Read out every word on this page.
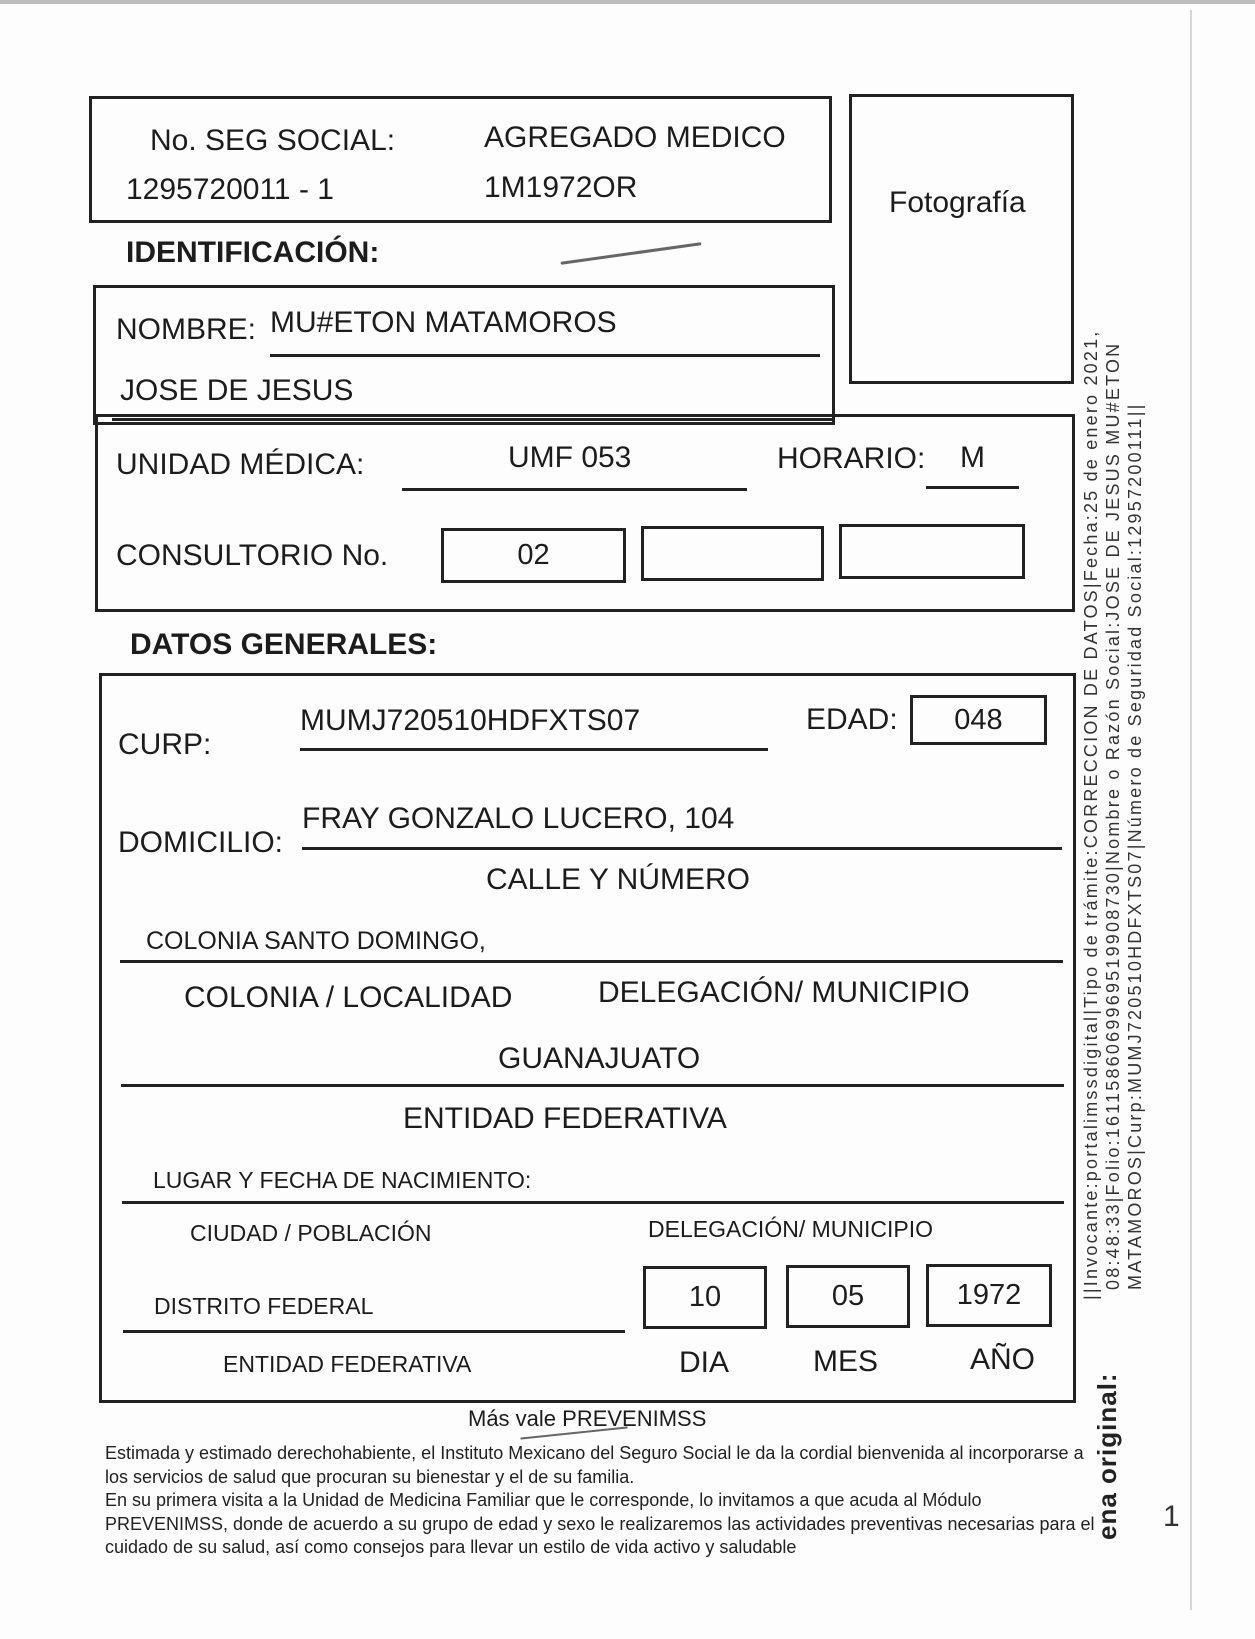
No. SEG SOCIAL:
1295720011 - 1
AGREGADO MEDICO
1M1972OR	Fotografía
IDENTIFICACIÓN:
NOMBRE: MU#ETON MATAMOROS
JOSE DE JESUS
UNIDAD MÉDICA:	UMF 053	HORARIO: M
CONSULTORIO No.	02
DATOS GENERALES:
CURP:
MUMJ720510HDFXTS07	EDAD:	048
DOMICILIO:
FRAY GONZALO LUCERO, 104
CALLE Y NÚMERO
COLONIA SANTO DOMINGO,
COLONIA / LOCALIDAD	DELEGACIÓN/ MUNICIPIO
GUANAJUATO
ENTIDAD FEDERATIVA
LUGAR Y FECHA DE NACIMIENTO:
CIUDAD / POBLACIÓN	DELEGACIÓN/ MUNICIPIO
DISTRITO FEDERAL
ENTIDAD FEDERATIVA
10	05	1972
DIA	MES	AÑO
Más vale PREVENIMSS

Estimada y estimado derechohabiente, el Instituto Mexicano del Seguro Social le da la cordial bienvenida al incorporarse a los servicios de salud que procuran su bienestar y el de su familia.

En su primera visita a la Unidad de Medicina Familiar que le corresponde, lo invitamos a que acuda al Módulo PREVENIMSS, donde de acuerdo a su grupo de edad y sexo le realizaremos las actividades preventivas necesarias para el cuidado de su salud, así como consejos para llevar un estilo de vida activo y saludable

||Invocante:portalimssdigital|Tipo de trámite:CORRECCION DE DATOS|Fecha:25 de enero 2021, 08:48:33|Folio:1611586069969519908730|Nombre o Razón Social:JOSE DE JESUS MU#ETON MATAMOROS|Curp:MUMJ720510HDFXTS07|Número de Seguridad Social:12957200111||
ena original: 1
